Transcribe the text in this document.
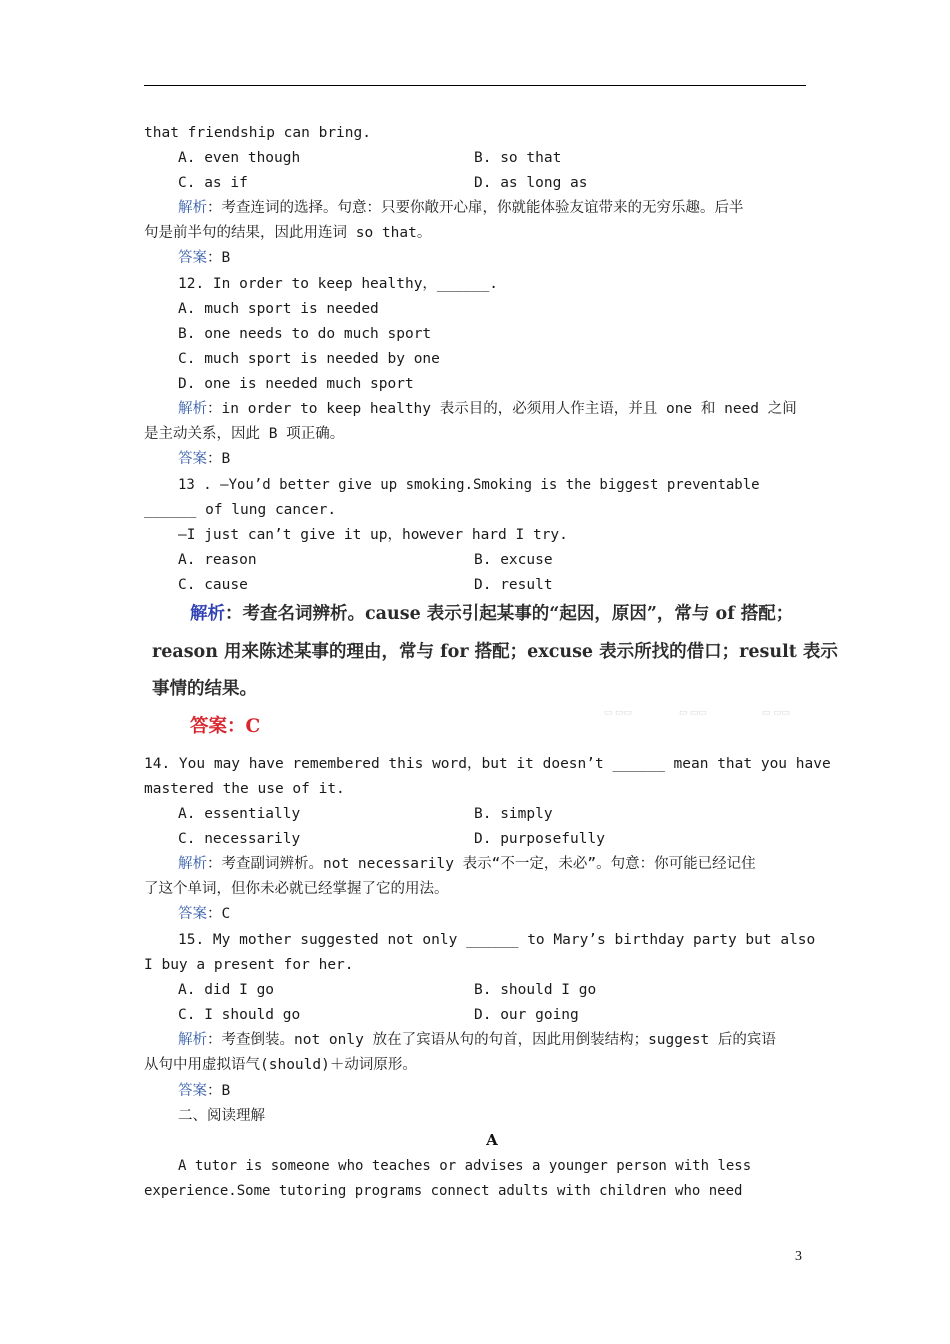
that friendship can bring.
A. even though	B. so that
C. as if	D. as long as
解析：考查连词的选择。句意：只要你敞开心扉，你就能体验友谊带来的无穷乐趣。后半
句是前半句的结果，因此用连词 so that。
答案：B
12. In order to keep healthy，______.
A. much sport is needed
B. one needs to do much sport
C. much sport is needed by one
D. one is needed much sport
解析：in order to keep healthy 表示目的，必须用人作主语，并且 one 和 need 之间
是主动关系，因此 B 项正确。
答案：B
13 . —You’d better give up smoking.Smoking is the biggest preventable
______ of lung cancer.
—I just can’t give it up，however hard I try.
A. reason	B. excuse
C. cause	D. result
解析：考查名词辨析。cause 表示引起某事的“起因，原因”，常与 of 搭配；
reason 用来陈述某事的理由，常与 for 搭配；excuse 表示所找的借口；result 表示
事情的结果。
答案：C
▭ ▭▭	▭ ▭▭	▭ ▭▭
14. You may have remembered this word，but it doesn’t ______ mean that you have
mastered the use of it.
A. essentially	B. simply
C. necessarily	D. purposefully
解析：考查副词辨析。not necessarily 表示“不一定，未必”。句意：你可能已经记住
了这个单词，但你未必就已经掌握了它的用法。
答案：C
15. My mother suggested not only ______ to Mary’s birthday party but also
I buy a present for her.
A. did I go	B. should I go
C. I should go	D. our going
解析：考查倒装。not only 放在了宾语从句的句首，因此用倒装结构；suggest 后的宾语
从句中用虚拟语气(should)＋动词原形。
答案：B
二、阅读理解
A
A tutor is someone who teaches or advises a younger person with less
experience.Some tutoring programs connect adults with children who need
3
